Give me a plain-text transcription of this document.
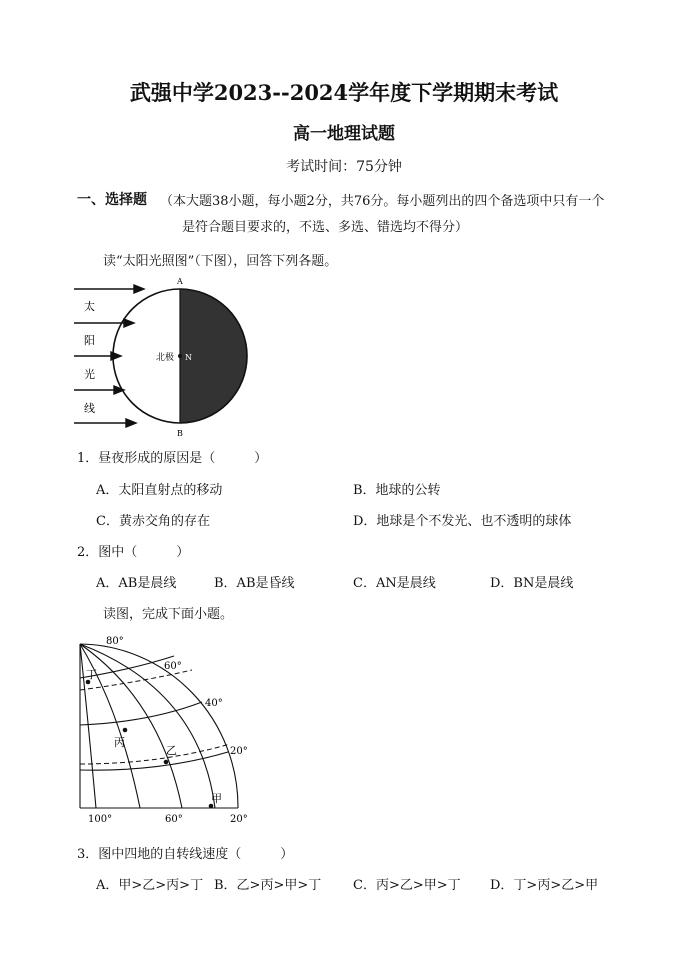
武强中学2023--2024学年度下学期期末考试
高一地理试题
考试时间：75分钟
一、选择题 （本大题38小题，每小题2分，共76分。每小题列出的四个备选项中只有一个
是符合题目要求的，不选、多选、错选均不得分）
读“太阳光照图”（下图），回答下列各题。
A
B
N
北极
太
阳
光
线
1．昼夜形成的原因是（　　　）
A．太阳直射点的移动	B．地球的公转
C．黄赤交角的存在	D．地球是个不发光、也不透明的球体
2．图中（　　　）
A．AB是晨线	B．AB是昏线	C．AN是晨线	D．BN是晨线
读图，完成下面小题。
80°
60°
40°
20°
100°	60°	20°
丁
丙
乙
甲
3．图中四地的自转线速度（　　　）
A．甲>乙>丙>丁 B．乙>丙>甲>丁 C．丙>乙>甲>丁 D．丁>丙>乙>甲
